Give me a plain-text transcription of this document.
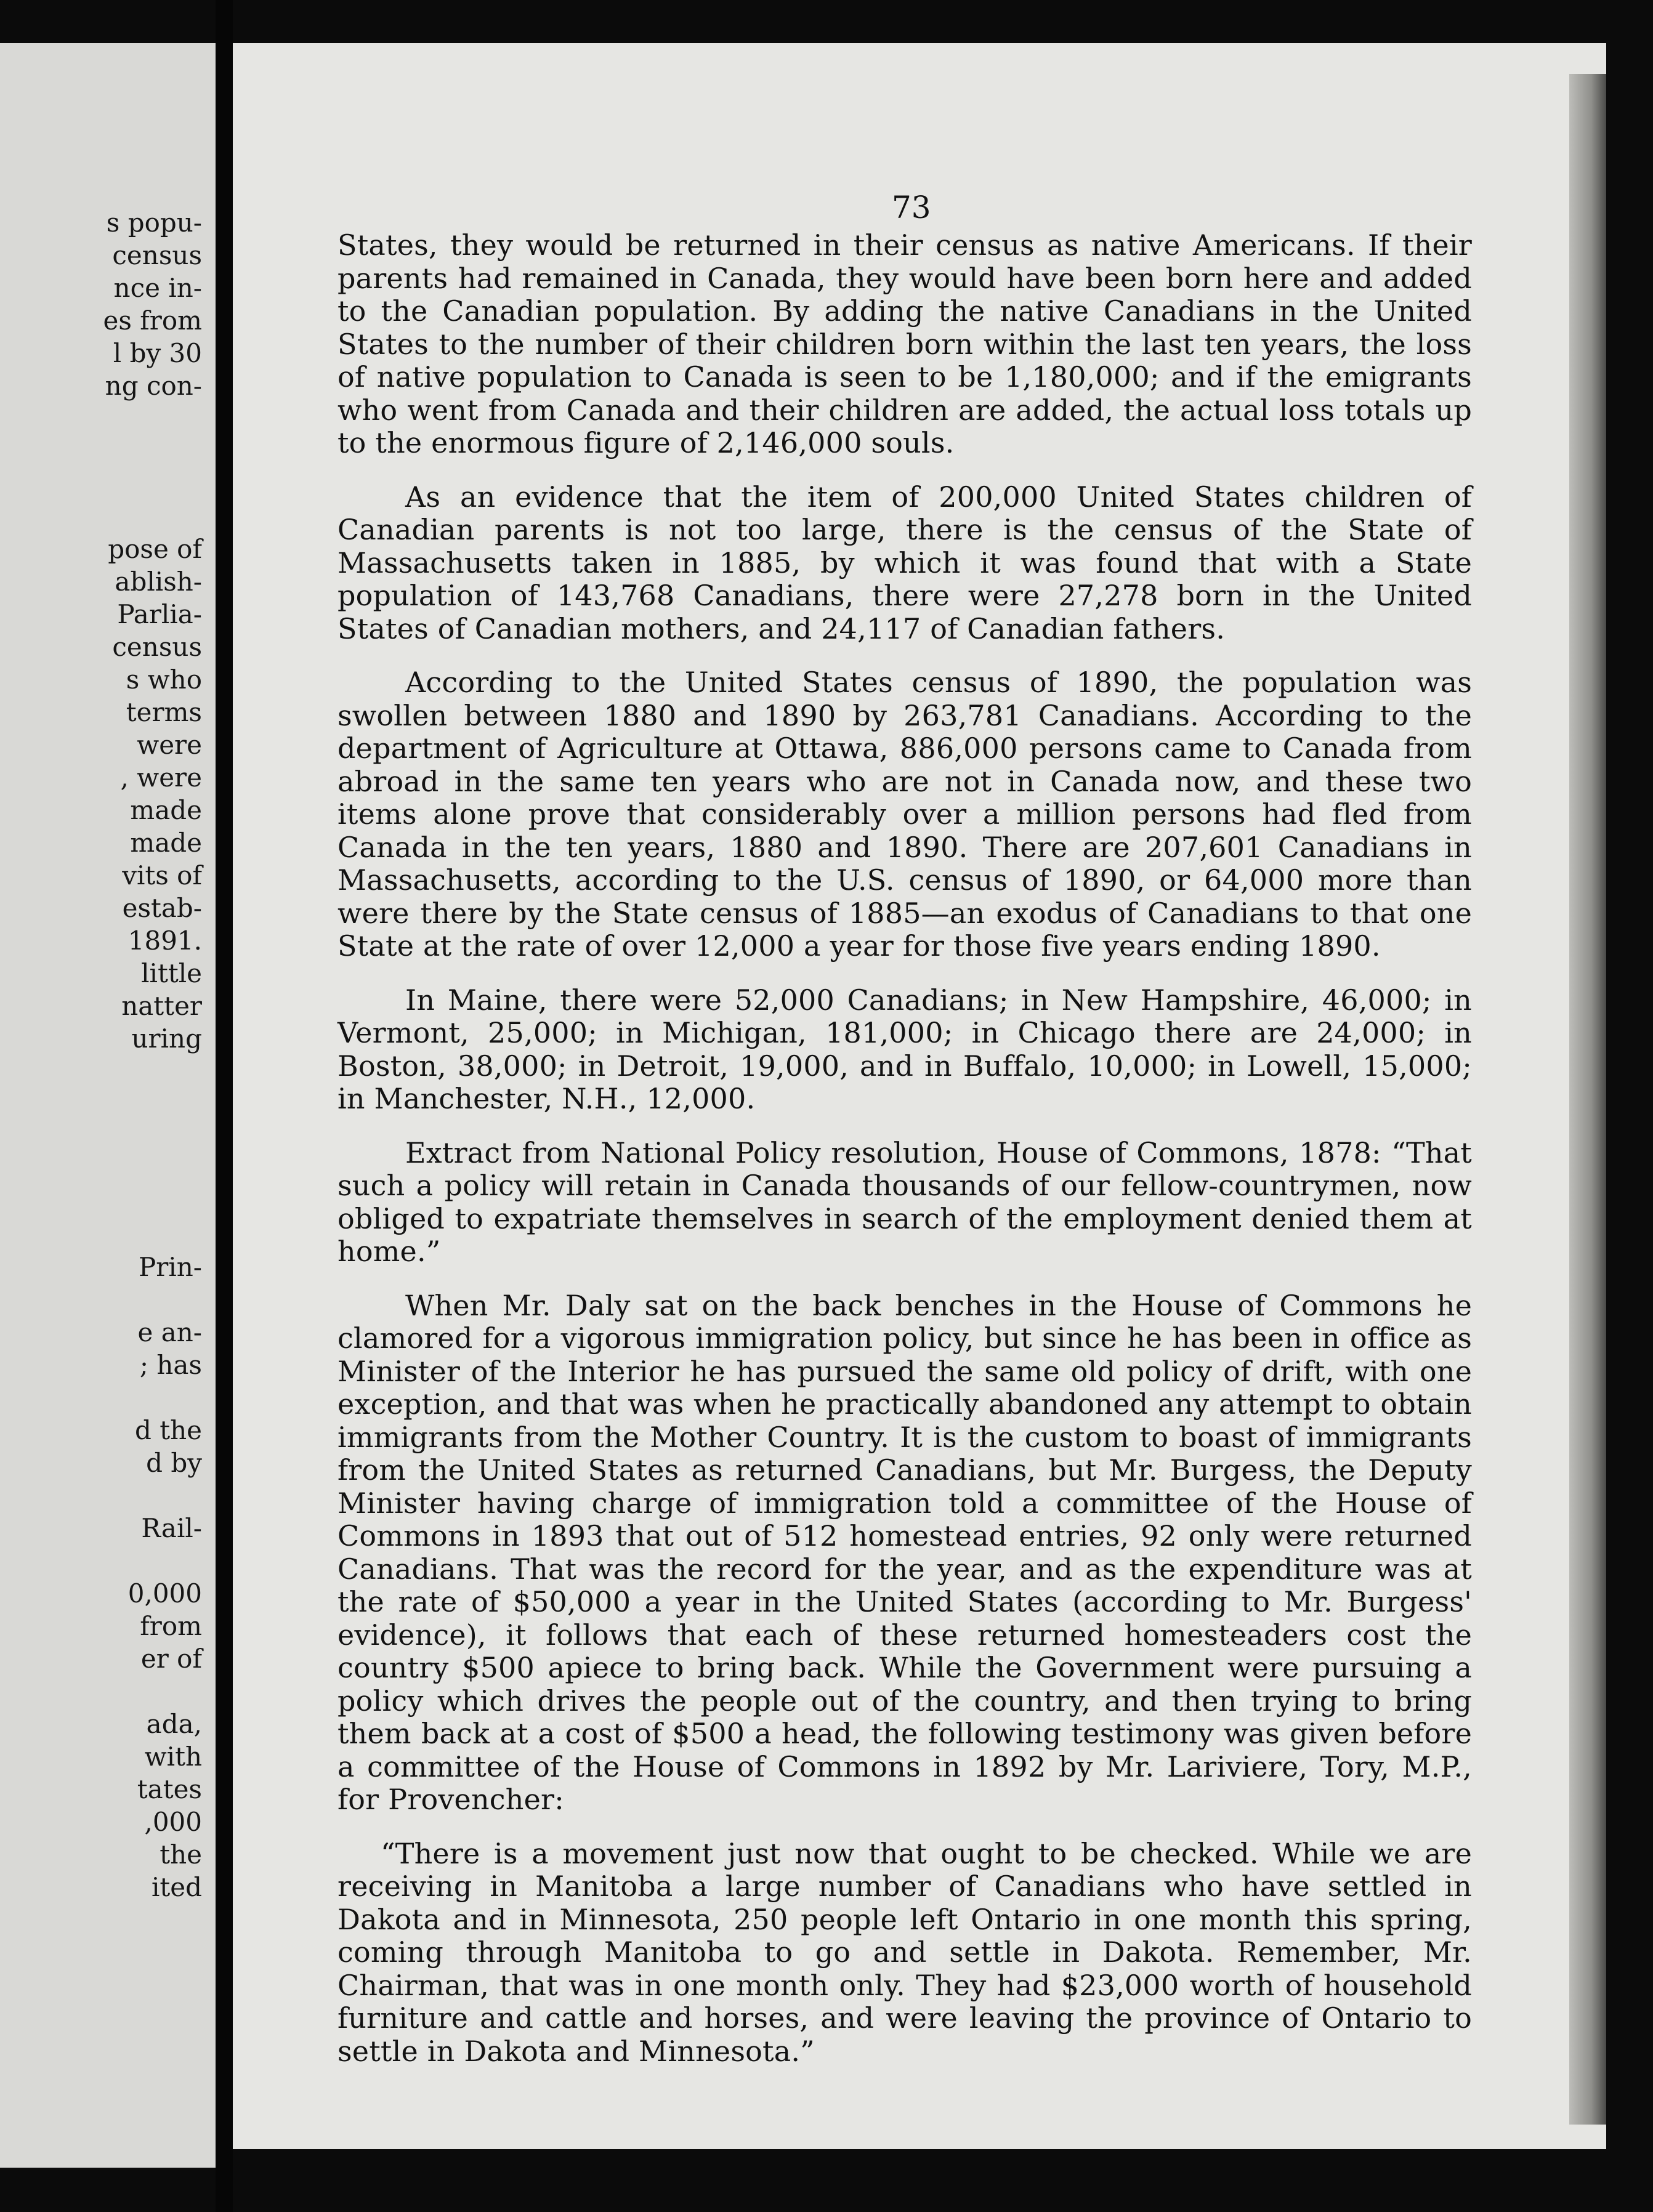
s popu-
census
nce in-
es from
l by 30
ng con-
pose of
ablish-
Parlia-
census
s who
terms
were
, were
made
made
vits of
estab-
1891.
little
natter
uring
Prin-
e an-
; has
d the
d by
Rail-
0,000
from
er of
ada,
with
tates
,000
the
ited
73

States, they would be returned in their census as native Americans. If their parents had remained in Canada, they would have been born here and added to the Canadian population. By adding the native Canadians in the United States to the number of their children born within the last ten years, the loss of native population to Canada is seen to be 1,180,000; and if the emigrants who went from Canada and their children are added, the actual loss totals up to the enormous figure of 2,146,000 souls.

As an evidence that the item of 200,000 United States children of Canadian parents is not too large, there is the census of the State of Massachusetts taken in 1885, by which it was found that with a State population of 143,768 Canadians, there were 27,278 born in the United States of Canadian mothers, and 24,117 of Canadian fathers.

According to the United States census of 1890, the population was swollen between 1880 and 1890 by 263,781 Canadians. According to the department of Agriculture at Ottawa, 886,000 persons came to Canada from abroad in the same ten years who are not in Canada now, and these two items alone prove that considerably over a million persons had fled from Canada in the ten years, 1880 and 1890. There are 207,601 Canadians in Massachusetts, according to the U.S. census of 1890, or 64,000 more than were there by the State census of 1885—an exodus of Canadians to that one State at the rate of over 12,000 a year for those five years ending 1890.

In Maine, there were 52,000 Canadians; in New Hampshire, 46,000; in Vermont, 25,000; in Michigan, 181,000; in Chicago there are 24,000; in Boston, 38,000; in Detroit, 19,000, and in Buffalo, 10,000; in Lowell, 15,000; in Manchester, N.H., 12,000.

Extract from National Policy resolution, House of Commons, 1878: “That such a policy will retain in Canada thousands of our fellow-countrymen, now obliged to expatriate themselves in search of the employment denied them at home.”

When Mr. Daly sat on the back benches in the House of Commons he clamored for a vigorous immigration policy, but since he has been in office as Minister of the Interior he has pursued the same old policy of drift, with one exception, and that was when he practically abandoned any attempt to obtain immigrants from the Mother Country. It is the custom to boast of immigrants from the United States as returned Canadians, but Mr. Burgess, the Deputy Minister having charge of immigration told a committee of the House of Commons in 1893 that out of 512 homestead entries, 92 only were returned Canadians. That was the record for the year, and as the expenditure was at the rate of $50,000 a year in the United States (according to Mr. Burgess' evidence), it follows that each of these returned homesteaders cost the country $500 apiece to bring back. While the Government were pursuing a policy which drives the people out of the country, and then trying to bring them back at a cost of $500 a head, the following testimony was given before a committee of the House of Commons in 1892 by Mr. Lariviere, Tory, M.P., for Provencher:

“There is a movement just now that ought to be checked. While we are receiving in Manitoba a large number of Canadians who have settled in Dakota and in Minnesota, 250 people left Ontario in one month this spring, coming through Manitoba to go and settle in Dakota. Remember, Mr. Chairman, that was in one month only. They had $23,000 worth of household furniture and cattle and horses, and were leaving the province of Ontario to settle in Dakota and Minnesota.”
